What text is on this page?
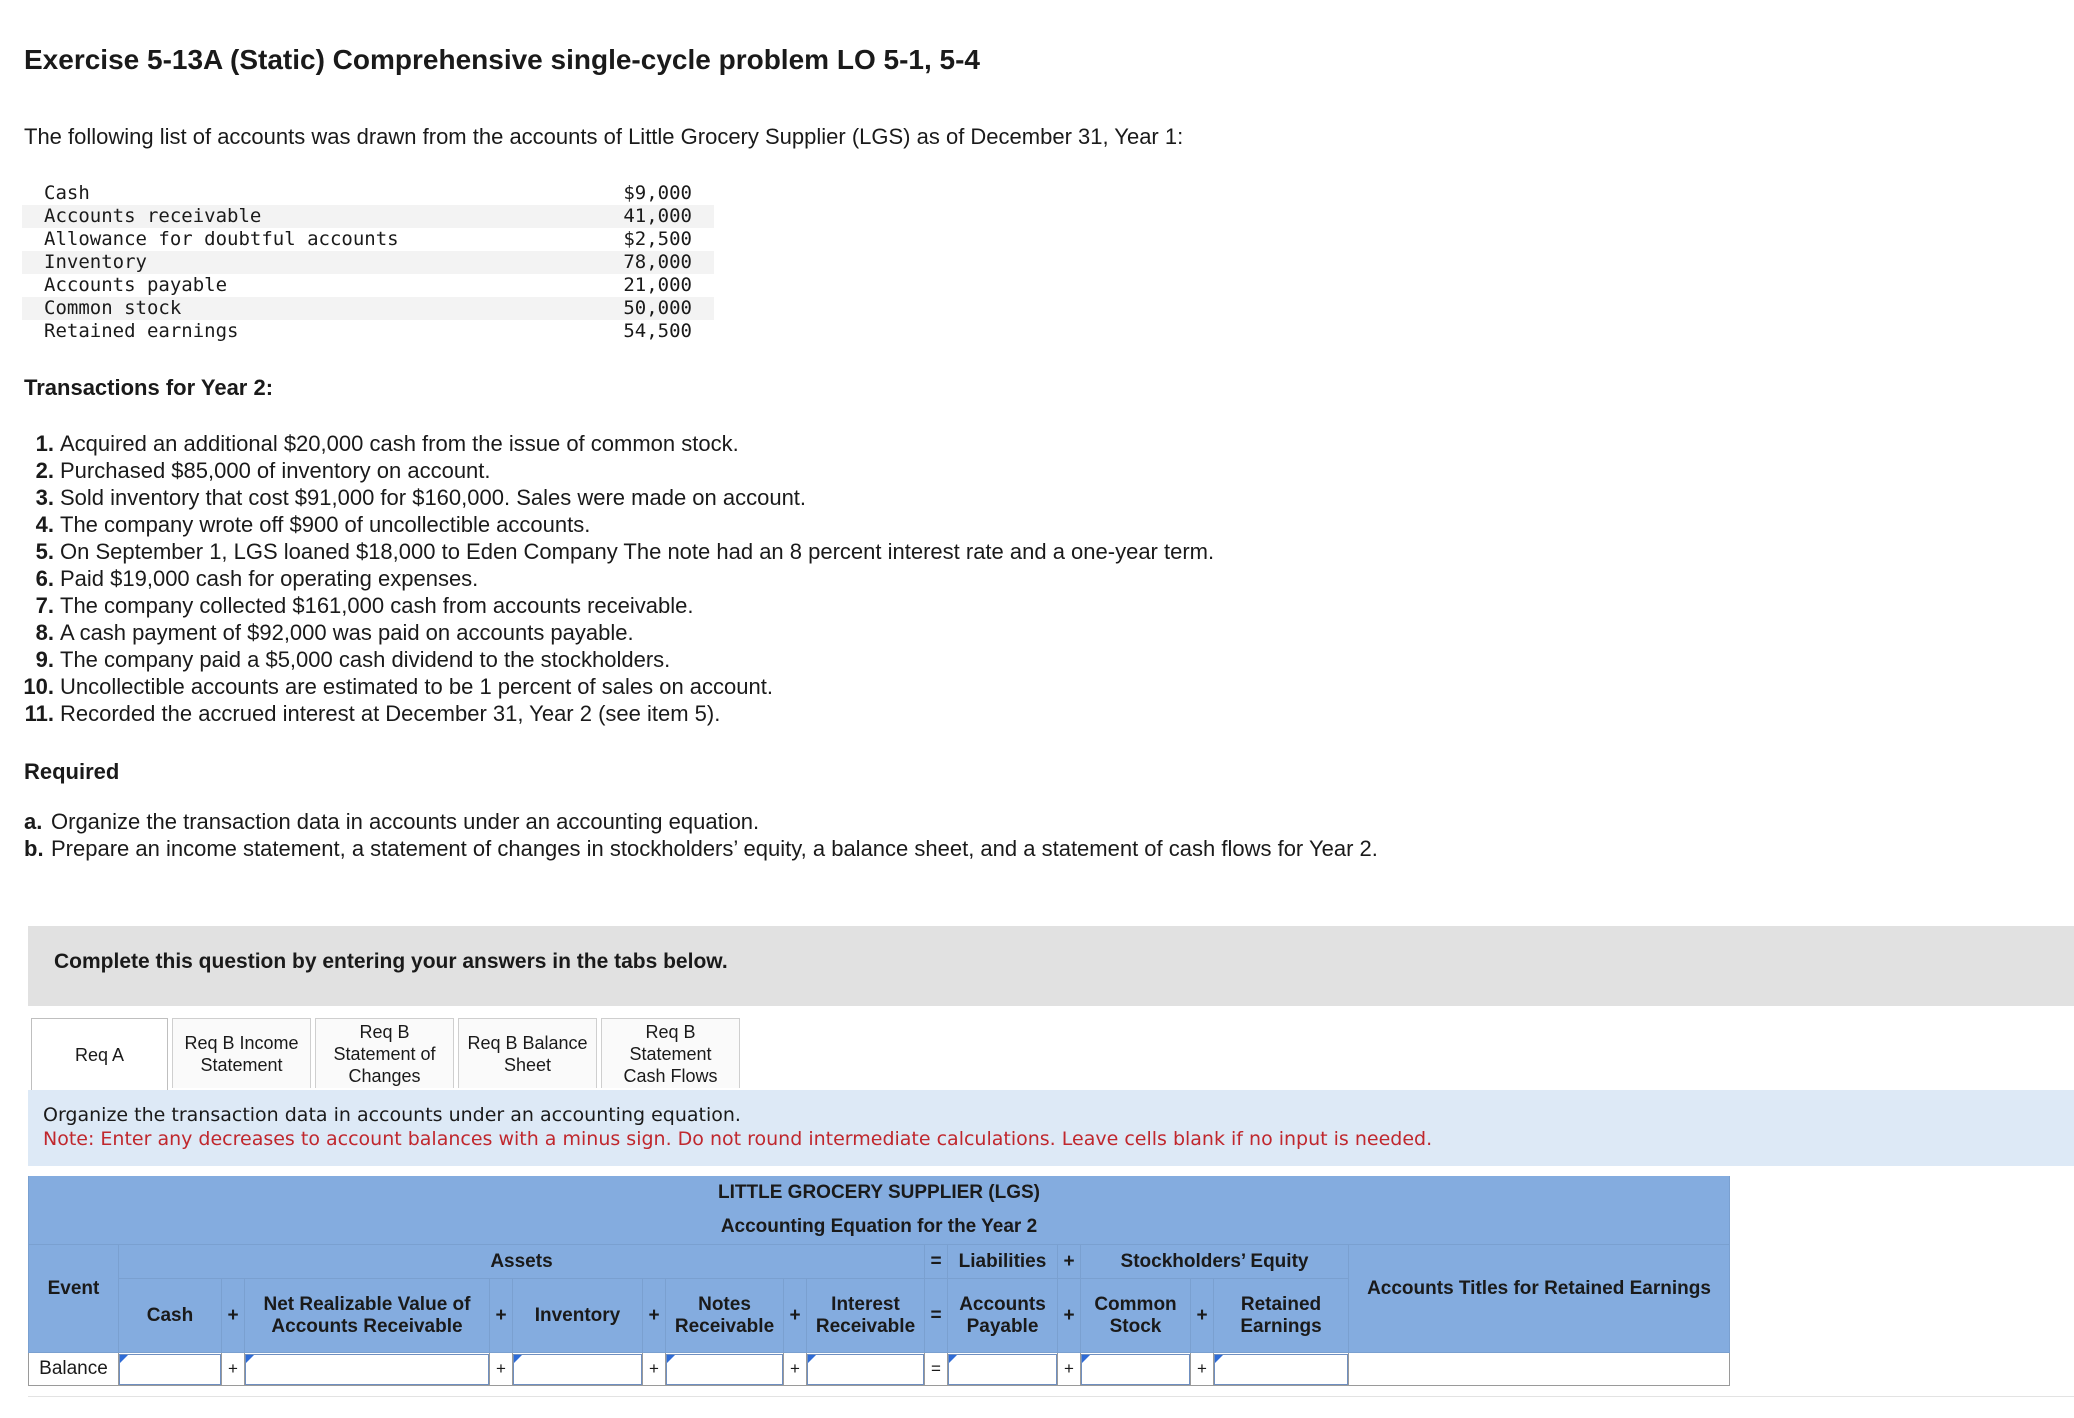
Exercise 5-13A (Static) Comprehensive single-cycle problem LO 5-1, 5-4
The following list of accounts was drawn from the accounts of Little Grocery Supplier (LGS) as of December 31, Year 1:
Cash	$9,000
Accounts receivable	41,000
Allowance for doubtful accounts	$2,500
Inventory	78,000
Accounts payable	21,000
Common stock	50,000
Retained earnings	54,500
Transactions for Year 2:
1. Acquired an additional $20,000 cash from the issue of common stock.
2. Purchased $85,000 of inventory on account.
3. Sold inventory that cost $91,000 for $160,000. Sales were made on account.
4. The company wrote off $900 of uncollectible accounts.
5. On September 1, LGS loaned $18,000 to Eden Company The note had an 8 percent interest rate and a one-year term.
6. Paid $19,000 cash for operating expenses.
7. The company collected $161,000 cash from accounts receivable.
8. A cash payment of $92,000 was paid on accounts payable.
9. The company paid a $5,000 cash dividend to the stockholders.
10. Uncollectible accounts are estimated to be 1 percent of sales on account.
11. Recorded the accrued interest at December 31, Year 2 (see item 5).
Required
a. Organize the transaction data in accounts under an accounting equation.
b. Prepare an income statement, a statement of changes in stockholders’ equity, a balance sheet, and a statement of cash flows for Year 2.
Complete this question by entering your answers in the tabs below.
Req A
Req B Income Statement
Req B Statement of Changes
Req B Balance Sheet
Req B Statement Cash Flows
Organize the transaction data in accounts under an accounting equation.
Note: Enter any decreases to account balances with a minus sign. Do not round intermediate calculations. Leave cells blank if no input is needed.
LITTLE GROCERY SUPPLIER (LGS)																
Accounting Equation for the Year 2																
Event	Assets									=	Liabilities	+	Stockholders’ Equity			Accounts Titles for Retained Earnings
	Cash	+	Net Realizable Value of Accounts Receivable	+	Inventory	+	Notes Receivable	+	Interest Receivable	=	Accounts Payable	+	Common Stock	+	Retained Earnings	
Balance		+		+		+		+		=		+		+	
